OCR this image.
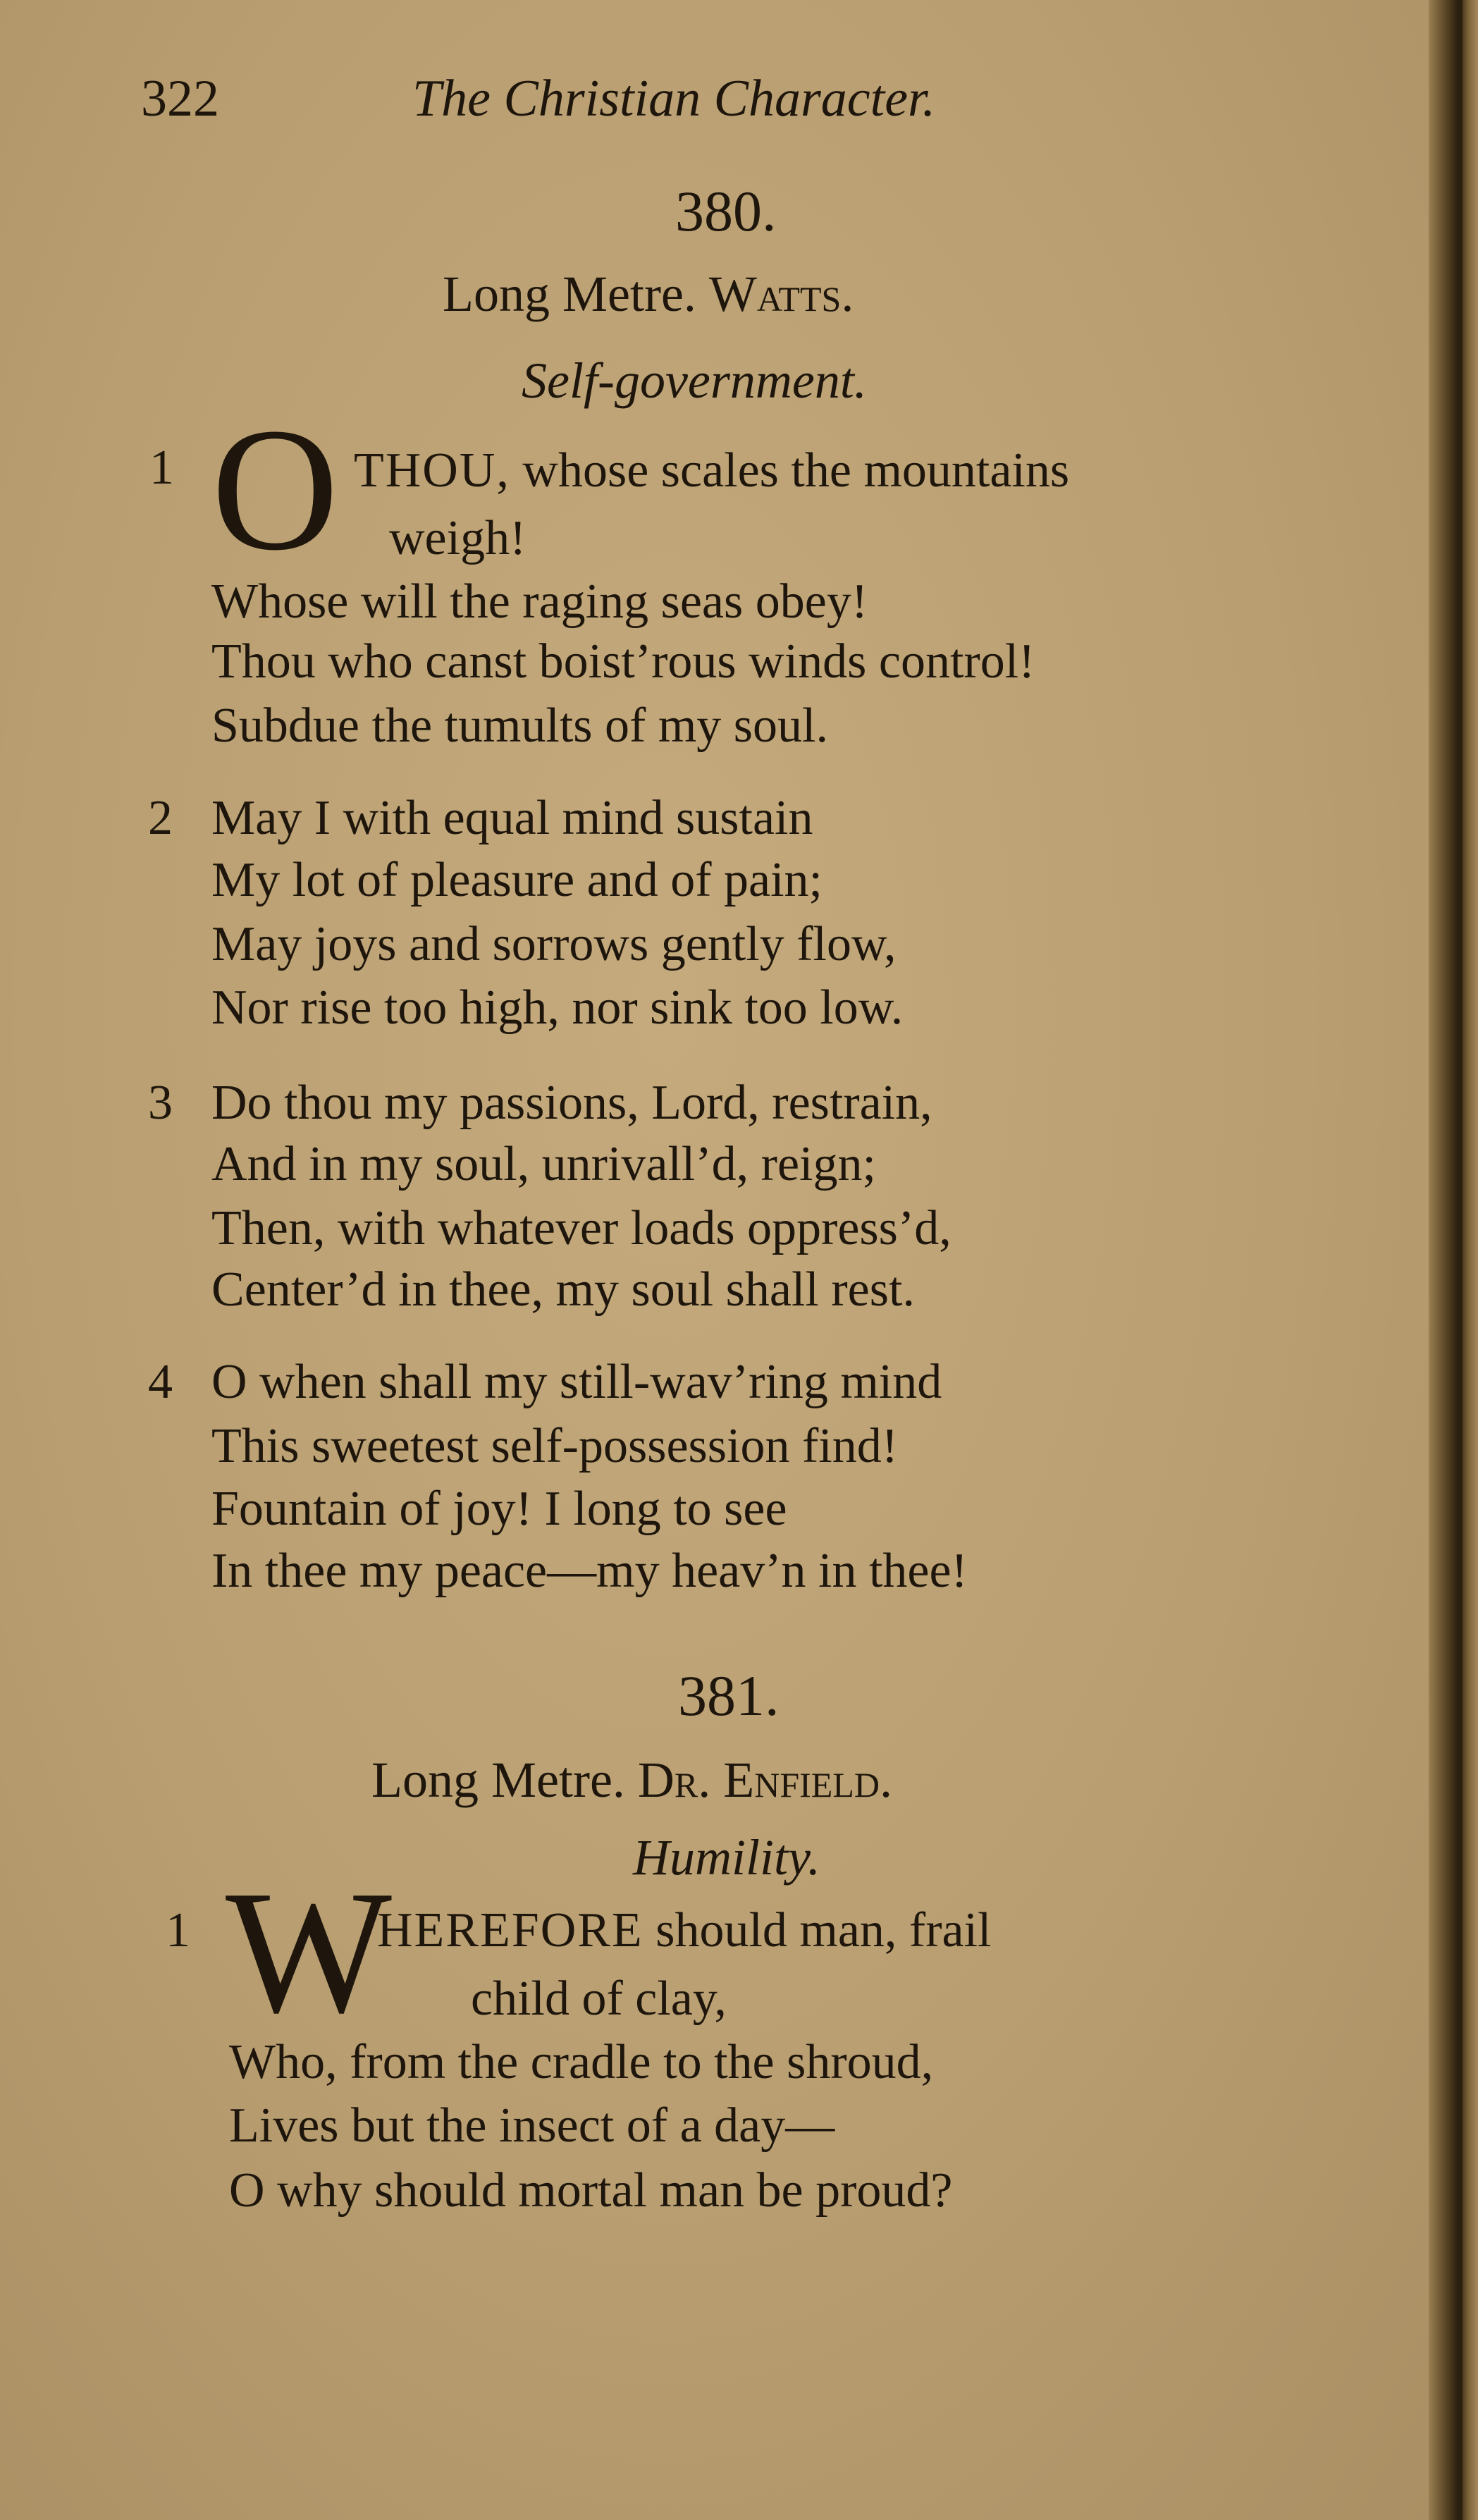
322	The Christian Character.
380.
Long Metre. Watts.
Self-government.
1 O THOU, whose scales the mountains
weigh!
Whose will the raging seas obey!
Thou who canst boist’rous winds control!
Subdue the tumults of my soul.
2 May I with equal mind sustain
My lot of pleasure and of pain;
May joys and sorrows gently flow,
Nor rise too high, nor sink too low.
3 Do thou my passions, Lord, restrain,
And in my soul, unrivall’d, reign;
Then, with whatever loads oppress’d,
Center’d in thee, my soul shall rest.
4 O when shall my still-wav’ring mind
This sweetest self-possession find!
Fountain of joy! I long to see
In thee my peace—my heav’n in thee!
381.
Long Metre. Dr. Enfield.
Humility.
1 W
HEREFORE should man, frail
child of clay,
Who, from the cradle to the shroud,
Lives but the insect of a day—
O why should mortal man be proud?
